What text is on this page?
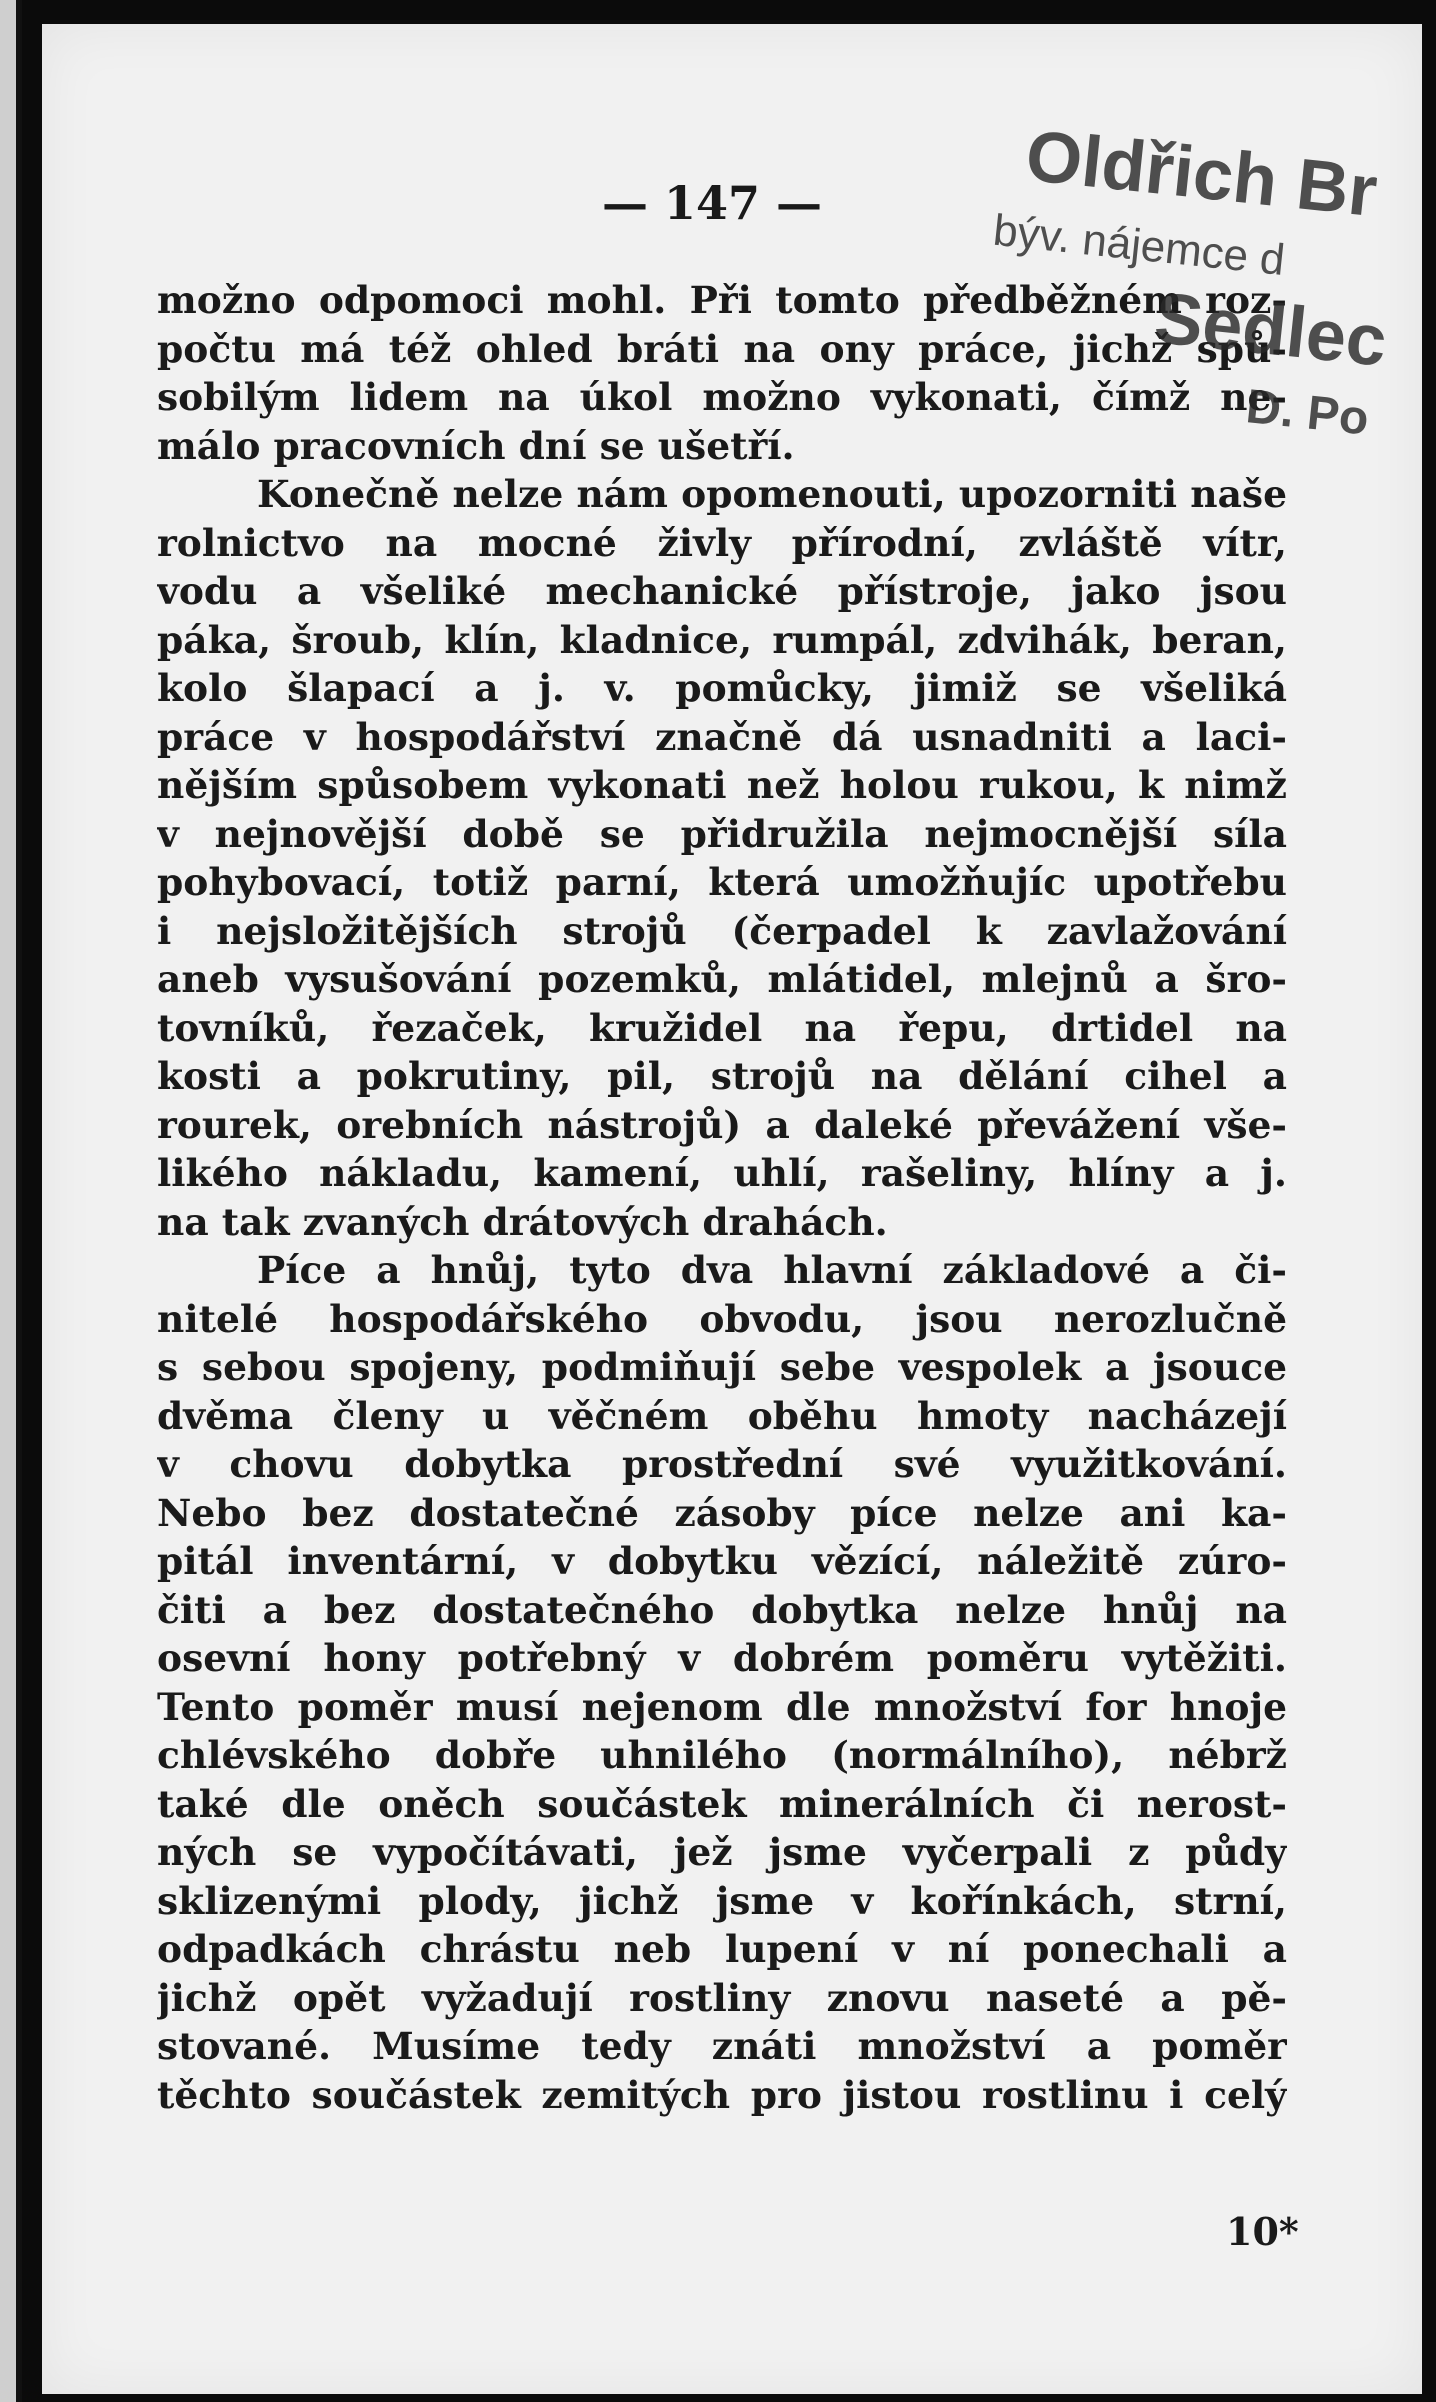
— 147 —
možno odpomoci mohl. Při tomto předběžném roz-
počtu má též ohled bráti na ony práce, jichž spů-
sobilým lidem na úkol možno vykonati, čímž ne-
málo pracovních dní se ušetří.
Konečně nelze nám opomenouti, upozorniti naše
rolnictvo na mocné živly přírodní, zvláště vítr,
vodu a všeliké mechanické přístroje, jako jsou
páka, šroub, klín, kladnice, rumpál, zdvihák, beran,
kolo šlapací a j. v. pomůcky, jimiž se všeliká
práce v hospodářství značně dá usnadniti a laci-
nějším spůsobem vykonati než holou rukou, k nimž
v nejnovější době se přidružila nejmocnější síla
pohybovací, totiž parní, která umožňujíc upotřebu
i nejsložitějších strojů (čerpadel k zavlažování
aneb vysušování pozemků, mlátidel, mlejnů a šro-
tovníků, řezaček, kružidel na řepu, drtidel na
kosti a pokrutiny, pil, strojů na dělání cihel a
rourek, orebních nástrojů) a daleké převážení vše-
likého nákladu, kamení, uhlí, rašeliny, hlíny a j.
na tak zvaných drátových drahách.
Píce a hnůj, tyto dva hlavní základové a či-
nitelé hospodářského obvodu, jsou nerozlučně
s sebou spojeny, podmiňují sebe vespolek a jsouce
dvěma členy u věčném oběhu hmoty nacházejí
v chovu dobytka prostřední své využitkování.
Nebo bez dostatečné zásoby píce nelze ani ka-
pitál inventární, v dobytku vězící, náležitě zúro-
čiti a bez dostatečného dobytka nelze hnůj na
osevní hony potřebný v dobrém poměru vytěžiti.
Tento poměr musí nejenom dle množství for hnoje
chlévského dobře uhnilého (normálního), nébrž
také dle oněch součástek minerálních či nerost-
ných se vypočítávati, jež jsme vyčerpali z půdy
sklizenými plody, jichž jsme v kořínkách, strní,
odpadkách chrástu neb lupení v ní ponechali a
jichž opět vyžadují rostliny znovu naseté a pě-
stované. Musíme tedy znáti množství a poměr
těchto součástek zemitých pro jistou rostlinu i celý
10*
Oldřich Br
býv. nájemce d
Sedlec
D. Po
